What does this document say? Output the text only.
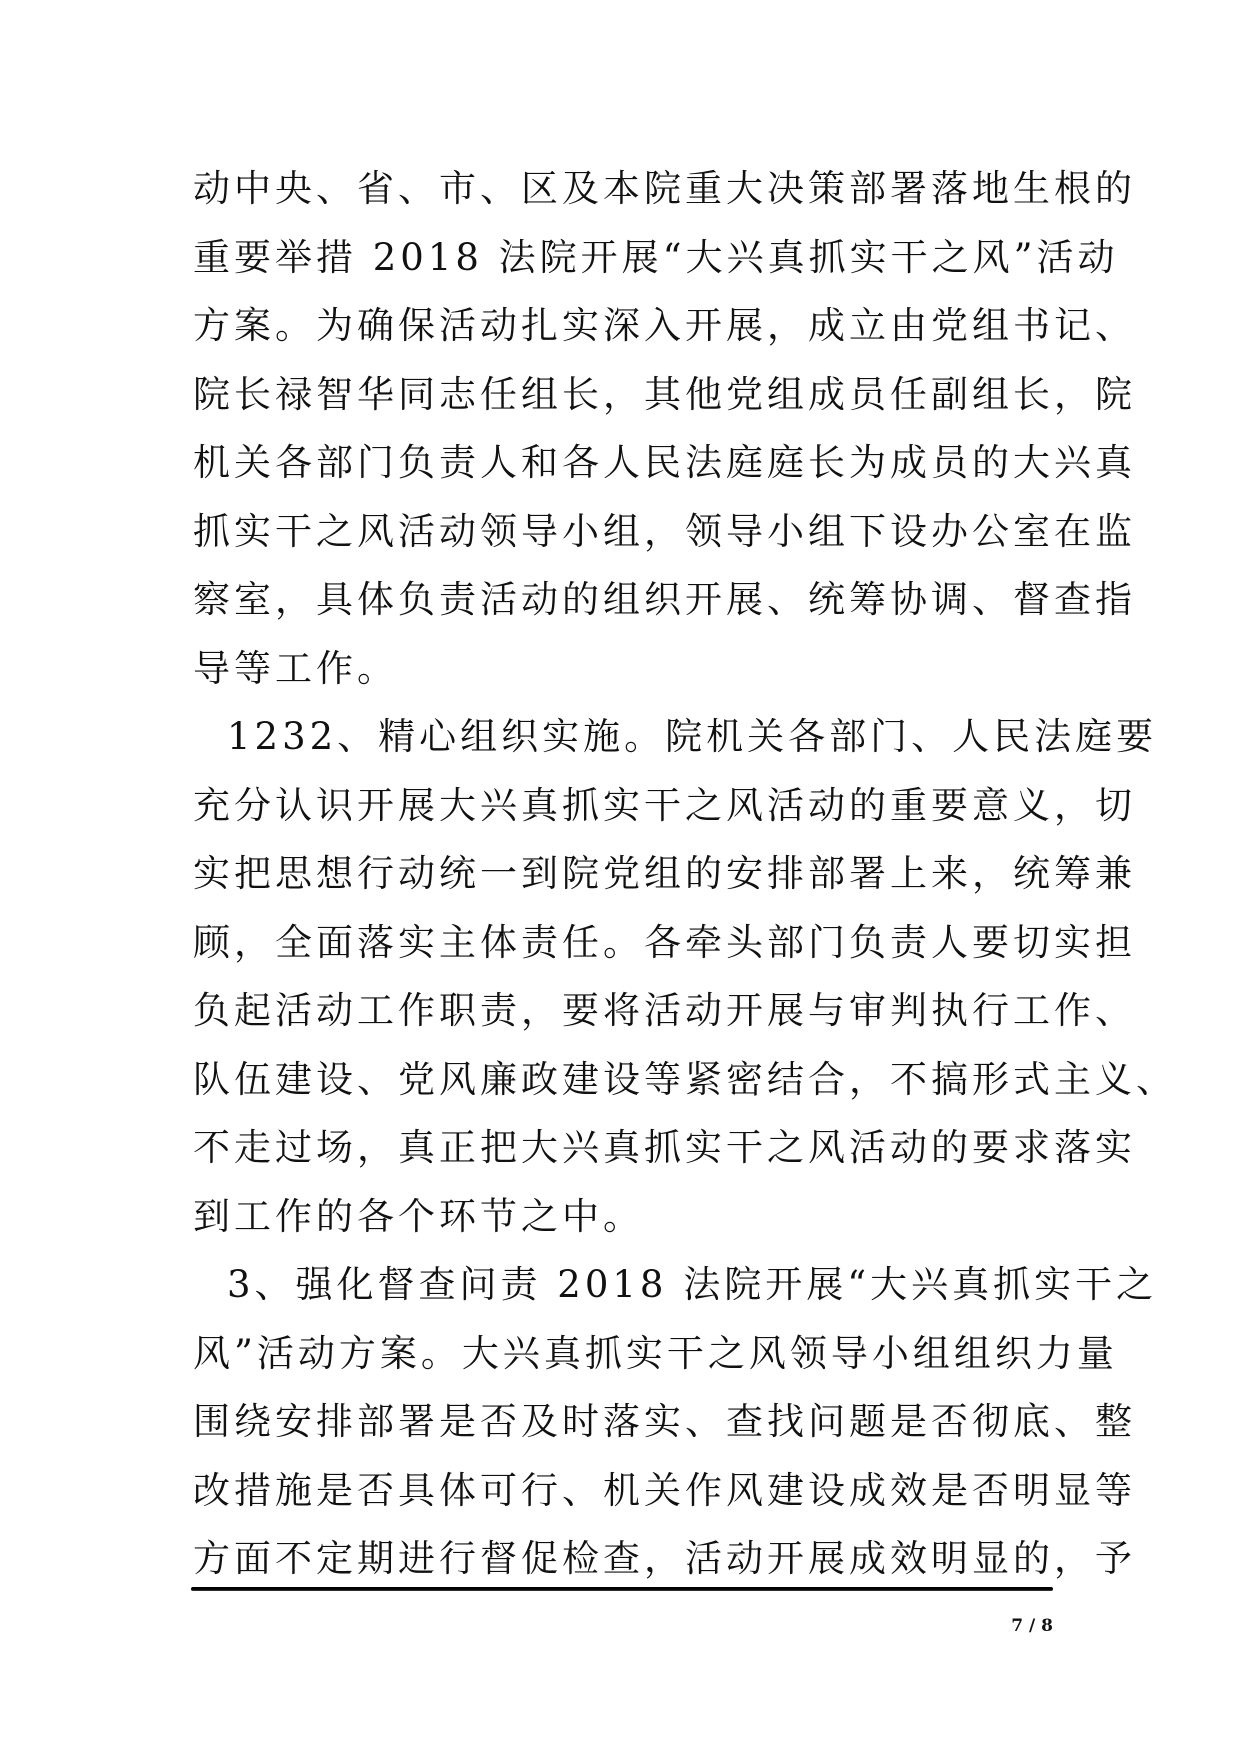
动中央、省、市、区及本院重大决策部署落地生根的
重要举措 2018 法院开展“大兴真抓实干之风”活动
方案。为确保活动扎实深入开展，成立由党组书记、
院长禄智华同志任组长，其他党组成员任副组长，院
机关各部门负责人和各人民法庭庭长为成员的大兴真
抓实干之风活动领导小组，领导小组下设办公室在监
察室，具体负责活动的组织开展、统筹协调、督查指
导等工作。
1232、精心组织实施。院机关各部门、人民法庭要
充分认识开展大兴真抓实干之风活动的重要意义，切
实把思想行动统一到院党组的安排部署上来，统筹兼
顾，全面落实主体责任。各牵头部门负责人要切实担
负起活动工作职责，要将活动开展与审判执行工作、
队伍建设、党风廉政建设等紧密结合，不搞形式主义、
不走过场，真正把大兴真抓实干之风活动的要求落实
到工作的各个环节之中。
3、强化督查问责 2018 法院开展“大兴真抓实干之
风”活动方案。大兴真抓实干之风领导小组组织力量
围绕安排部署是否及时落实、查找问题是否彻底、整
改措施是否具体可行、机关作风建设成效是否明显等
方面不定期进行督促检查，活动开展成效明显的，予
7 / 8
